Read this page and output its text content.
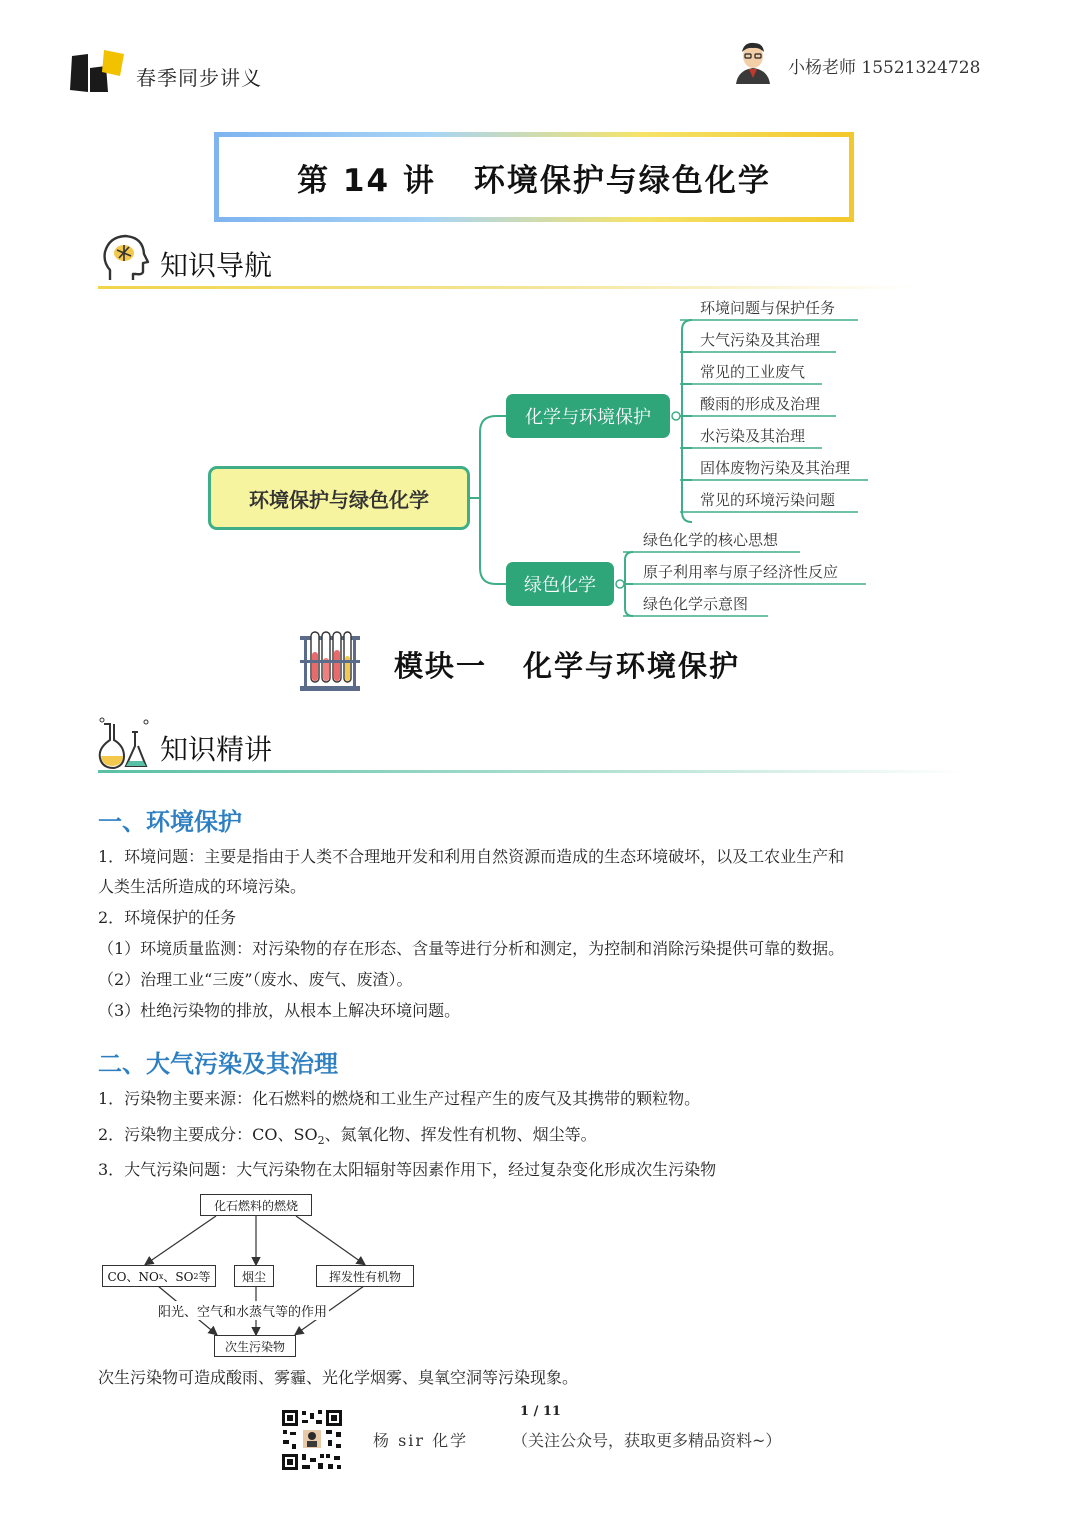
春季同步讲义	小杨老师 15521324728
第 14 讲 环境保护与绿色化学
知识导航
环境保护与绿色化学
化学与环境保护
绿色化学
环境问题与保护任务
大气污染及其治理
常见的工业废气
酸雨的形成及治理
水污染及其治理
固体废物污染及其治理
常见的环境污染问题
绿色化学的核心思想
原子利用率与原子经济性反应
绿色化学示意图
模块一 化学与环境保护
知识精讲
一、环境保护
1．环境问题：主要是指由于人类不合理地开发和利用自然资源而造成的生态环境破坏，以及工农业生产和
人类生活所造成的环境污染。
2．环境保护的任务
（1）环境质量监测：对污染物的存在形态、含量等进行分析和测定，为控制和消除污染提供可靠的数据。
（2）治理工业“三废”（废水、废气、废渣）。
（3）杜绝污染物的排放，从根本上解决环境问题。
二、大气污染及其治理
1．污染物主要来源：化石燃料的燃烧和工业生产过程产生的废气及其携带的颗粒物。
2．污染物主要成分：CO、$SO_2$、氮氧化物、挥发性有机物、烟尘等。
3．大气污染问题：大气污染物在太阳辐射等因素作用下，经过复杂变化形成次生污染物
化石燃料的燃烧
CO、NO x 、SO 2 等	烟尘	挥发性有机物
阳光、空气和水蒸气等的作用
次生污染物
次生污染物可造成酸雨、雾霾、光化学烟雾、臭氧空洞等污染现象。
1 / 11
杨 sir 化学	（关注公众号，获取更多精品资料~）
